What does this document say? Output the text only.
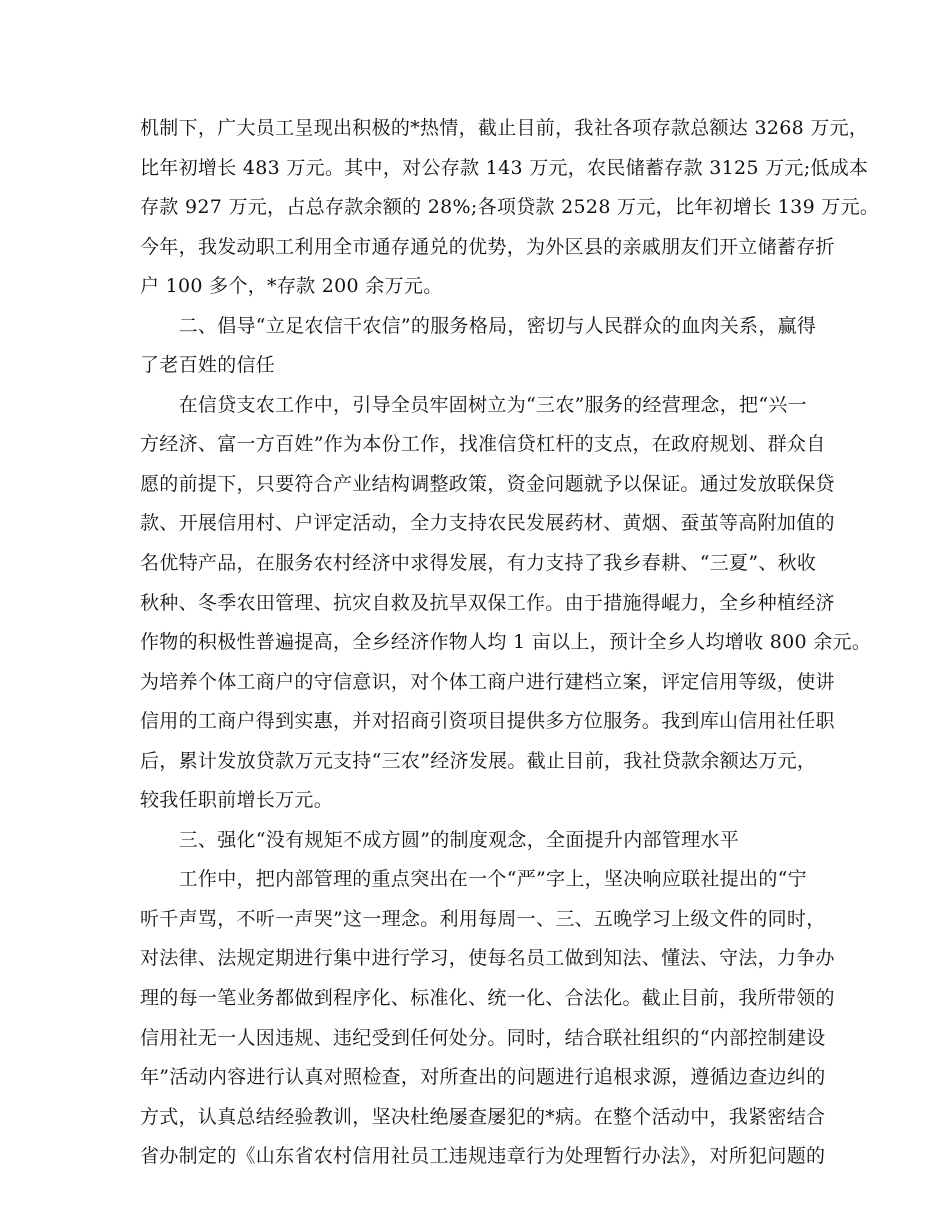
机制下，广大员工呈现出积极的*热情，截止目前，我社各项存款总额达 3268 万元，
比年初增长 483 万元。其中，对公存款 143 万元，农民储蓄存款 3125 万元;低成本
存款 927 万元，占总存款余额的 28%;各项贷款 2528 万元，比年初增长 139 万元。
今年，我发动职工利用全市通存通兑的优势，为外区县的亲戚朋友们开立储蓄存折
户 100 多个，*存款 200 余万元。
　　二、倡导“立足农信干农信”的服务格局，密切与人民群众的血肉关系，赢得
了老百姓的信任
　　在信贷支农工作中，引导全员牢固树立为“三农”服务的经营理念，把“兴一
方经济、富一方百姓”作为本份工作，找准信贷杠杆的支点，在政府规划、群众自
愿的前提下，只要符合产业结构调整政策，资金问题就予以保证。通过发放联保贷
款、开展信用村、户评定活动，全力支持农民发展药材、黄烟、蚕茧等高附加值的
名优特产品，在服务农村经济中求得发展，有力支持了我乡春耕、“三夏”、秋收
秋种、冬季农田管理、抗灾自救及抗旱双保工作。由于措施得崐力，全乡种植经济
作物的积极性普遍提高，全乡经济作物人均 1 亩以上，预计全乡人均增收 800 余元。
为培养个体工商户的守信意识，对个体工商户进行建档立案，评定信用等级，使讲
信用的工商户得到实惠，并对招商引资项目提供多方位服务。我到库山信用社任职
后，累计发放贷款万元支持“三农”经济发展。截止目前，我社贷款余额达万元，
较我任职前增长万元。
　　三、强化“没有规矩不成方圆”的制度观念，全面提升内部管理水平
　　工作中，把内部管理的重点突出在一个“严”字上，坚决响应联社提出的“宁
听千声骂，不听一声哭”这一理念。利用每周一、三、五晚学习上级文件的同时，
对法律、法规定期进行集中进行学习，使每名员工做到知法、懂法、守法，力争办
理的每一笔业务都做到程序化、标准化、统一化、合法化。截止目前，我所带领的
信用社无一人因违规、违纪受到任何处分。同时，结合联社组织的“内部控制建设
年”活动内容进行认真对照检查，对所查出的问题进行追根求源，遵循边查边纠的
方式，认真总结经验教训，坚决杜绝屡查屡犯的*病。在整个活动中，我紧密结合
省办制定的《山东省农村信用社员工违规违章行为处理暂行办法》，对所犯问题的
